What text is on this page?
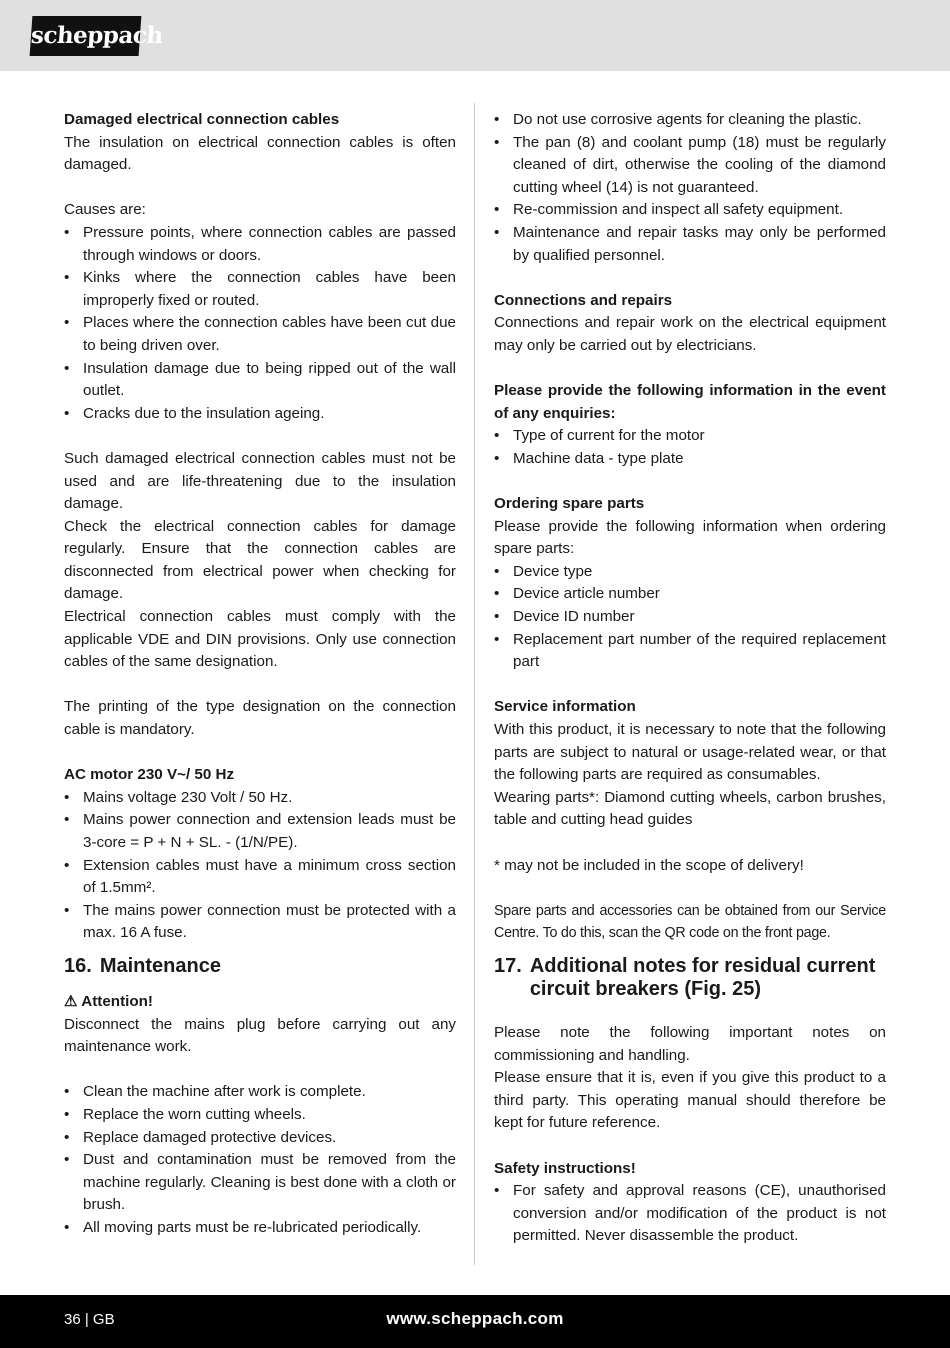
scheppach

Damaged electrical connection cables

The insulation on electrical connection cables is often damaged.

Causes are:

• Pressure points, where connection cables are passed through windows or doors.
• Kinks where the connection cables have been improperly fixed or routed.
• Places where the connection cables have been cut due to being driven over.
• Insulation damage due to being ripped out of the wall outlet.
• Cracks due to the insulation ageing.

Such damaged electrical connection cables must not be used and are life-threatening due to the insulation damage.

Check the electrical connection cables for damage regularly. Ensure that the connection cables are disconnected from electrical power when checking for damage.

Electrical connection cables must comply with the applicable VDE and DIN provisions. Only use connection cables of the same designation.

The printing of the type designation on the connection cable is mandatory.

AC motor 230 V~/ 50 Hz

• Mains voltage 230 Volt / 50 Hz.
• Mains power connection and extension leads must be 3-core = P + N + SL. - (1/N/PE).
• Extension cables must have a minimum cross section of 1.5mm².
• The mains power connection must be protected with a max. 16 A fuse.
16. Maintenance

⚠ Attention!

Disconnect the mains plug before carrying out any maintenance work.

• Clean the machine after work is complete.
• Replace the worn cutting wheels.
• Replace damaged protective devices.
• Dust and contamination must be removed from the machine regularly. Cleaning is best done with a cloth or brush.
• All moving parts must be re-lubricated periodically.
• Do not use corrosive agents for cleaning the plastic.
• The pan (8) and coolant pump (18) must be regularly cleaned of dirt, otherwise the cooling of the diamond cutting wheel (14) is not guaranteed.
• Re-commission and inspect all safety equipment.
• Maintenance and repair tasks may only be performed by qualified personnel.

Connections and repairs

Connections and repair work on the electrical equipment may only be carried out by electricians.

Please provide the following information in the event of any enquiries:

• Type of current for the motor
• Machine data - type plate

Ordering spare parts

Please provide the following information when ordering spare parts:

• Device type
• Device article number
• Device ID number
• Replacement part number of the required replacement part

Service information

With this product, it is necessary to note that the following parts are subject to natural or usage-related wear, or that the following parts are required as consumables.

Wearing parts*: Diamond cutting wheels, carbon brushes, table and cutting head guides

* may not be included in the scope of delivery!

Spare parts and accessories can be obtained from our Service Centre. To do this, scan the QR code on the front page.

17. Additional notes for residual current circuit breakers (Fig. 25)

Please note the following important notes on commissioning and handling.

Please ensure that it is, even if you give this product to a third party. This operating manual should therefore be kept for future reference.

Safety instructions!

• For safety and approval reasons (CE), unauthorised conversion and/or modification of the product is not permitted. Never disassemble the product.
36 | GB	www.scheppach.com
